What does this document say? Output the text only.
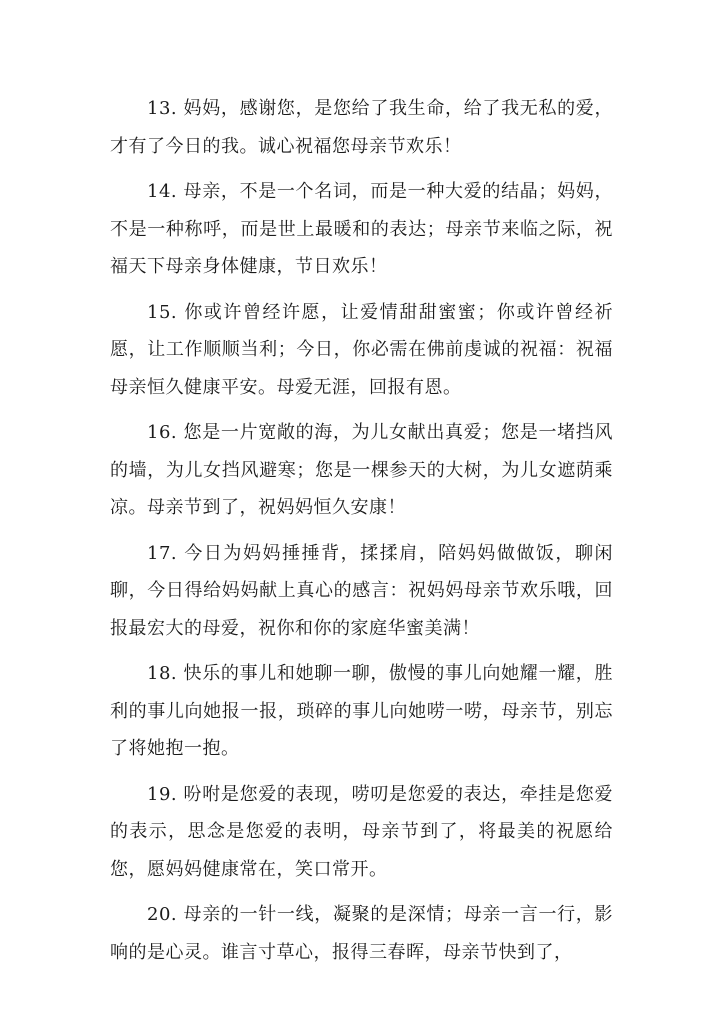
13. 妈妈，感谢您，是您给了我生命，给了我无私的爱，才有了今日的我。诚心祝福您母亲节欢乐！

14. 母亲，不是一个名词，而是一种大爱的结晶；妈妈，不是一种称呼，而是世上最暖和的表达；母亲节来临之际，祝福天下母亲身体健康，节日欢乐！

15. 你或许曾经许愿，让爱情甜甜蜜蜜；你或许曾经祈愿，让工作顺顺当利；今日，你必需在佛前虔诚的祝福：祝福母亲恒久健康平安。母爱无涯，回报有恩。

16. 您是一片宽敞的海，为儿女献出真爱；您是一堵挡风的墙，为儿女挡风避寒；您是一棵参天的大树，为儿女遮荫乘凉。母亲节到了，祝妈妈恒久安康！

17. 今日为妈妈捶捶背，揉揉肩，陪妈妈做做饭，聊闲聊，今日得给妈妈献上真心的感言：祝妈妈母亲节欢乐哦，回报最宏大的母爱，祝你和你的家庭华蜜美满！

18. 快乐的事儿和她聊一聊，傲慢的事儿向她耀一耀，胜利的事儿向她报一报，琐碎的事儿向她唠一唠，母亲节，别忘了将她抱一抱。

19. 吩咐是您爱的表现，唠叨是您爱的表达，牵挂是您爱的表示，思念是您爱的表明，母亲节到了，将最美的祝愿给您，愿妈妈健康常在，笑口常开。

20. 母亲的一针一线，凝聚的是深情；母亲一言一行，影响的是心灵。谁言寸草心，报得三春晖，母亲节快到了，
